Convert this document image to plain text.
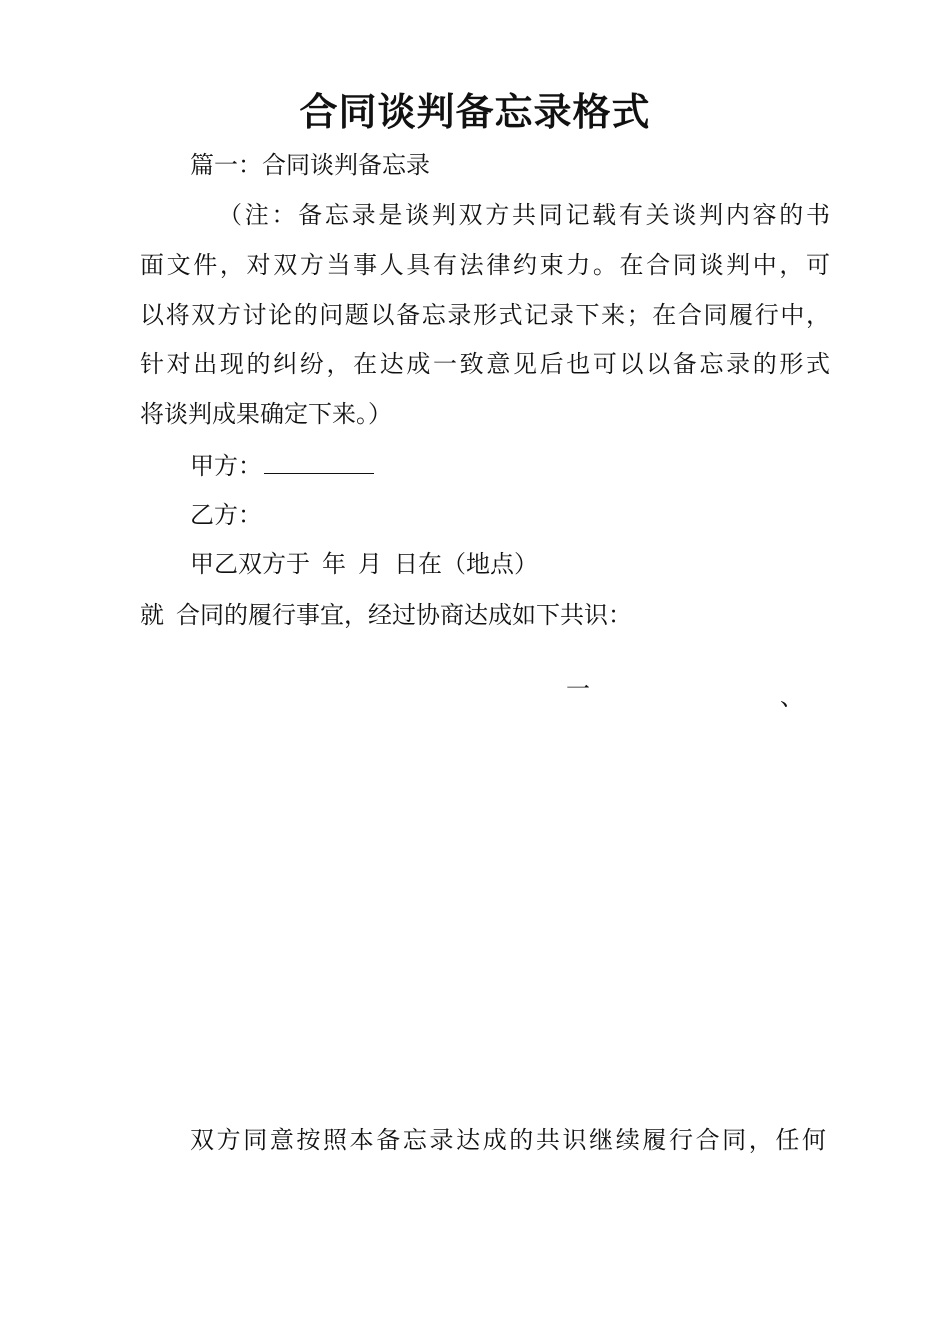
合同谈判备忘录格式
篇一：合同谈判备忘录
（注：备忘录是谈判双方共同记载有关谈判内容的书
面文件，对双方当事人具有法律约束力。在合同谈判中，可
以将双方讨论的问题以备忘录形式记录下来；在合同履行中，
针对出现的纠纷，在达成一致意见后也可以以备忘录的形式
将谈判成果确定下来。）
甲方：
乙方：
甲乙双方于 年 月 日在（地点）
就 合同的履行事宜，经过协商达成如下共识：
一	、
双方同意按照本备忘录达成的共识继续履行合同，任何
